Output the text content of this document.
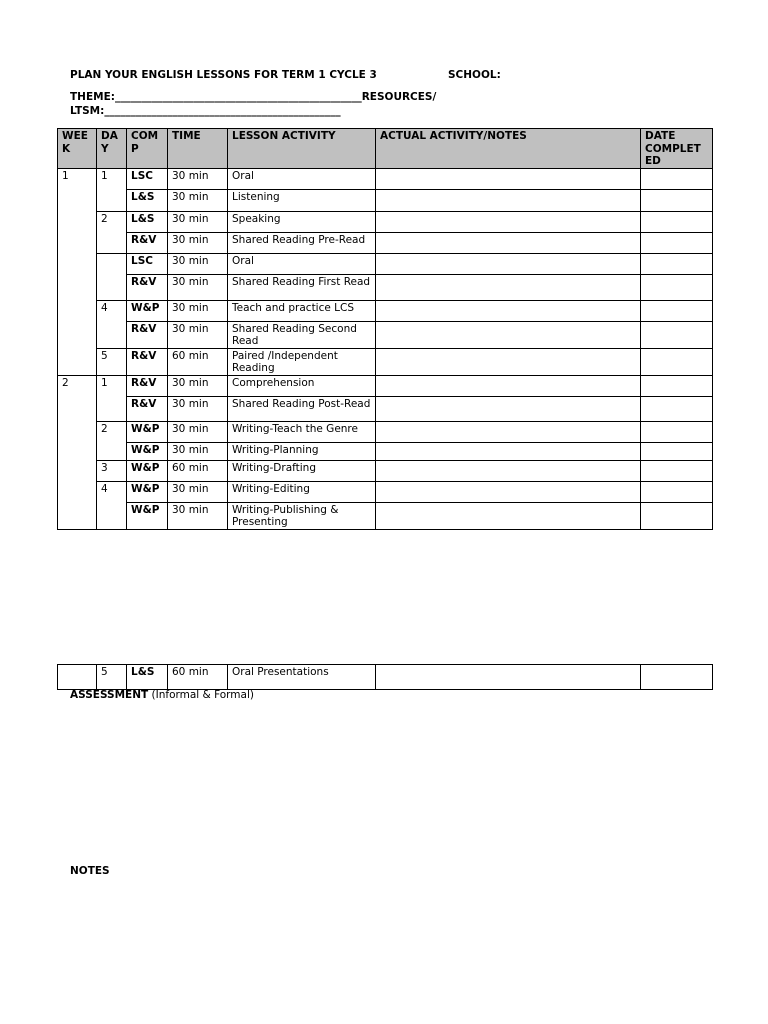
PLAN YOUR ENGLISH LESSONS FOR TERM 1 CYCLE 3	SCHOOL:
THEME:_______________________________________________RESOURCES/
LTSM:_____________________________________________
WEE K	DA Y	COM P	TIME	LESSON ACTIVITY	ACTUAL ACTIVITY/NOTES	DATE COMPLET ED
1	1	LSC	30 min	Oral		
		L&S	30 min	Listening		
	2	L&S	30 min	Speaking		
		R&V	30 min	Shared Reading Pre-Read		
		LSC	30 min	Oral		
		R&V	30 min	Shared Reading First Read		
	4	W&P	30 min	Teach and practice LCS		
		R&V	30 min	Shared Reading Second Read		
	5	R&V	60 min	Paired /Independent Reading		
2	1	R&V	30 min	Comprehension		
		R&V	30 min	Shared Reading Post-Read		
	2	W&P	30 min	Writing-Teach the Genre		
		W&P	30 min	Writing-Planning		
	3	W&P	60 min	Writing-Drafting		
	4	W&P	30 min	Writing-Editing		
		W&P	30 min	Writing-Publishing & Presenting		
	5	L&S	60 min	Oral Presentations		
ASSESSMENT (Informal & Formal)
NOTES
